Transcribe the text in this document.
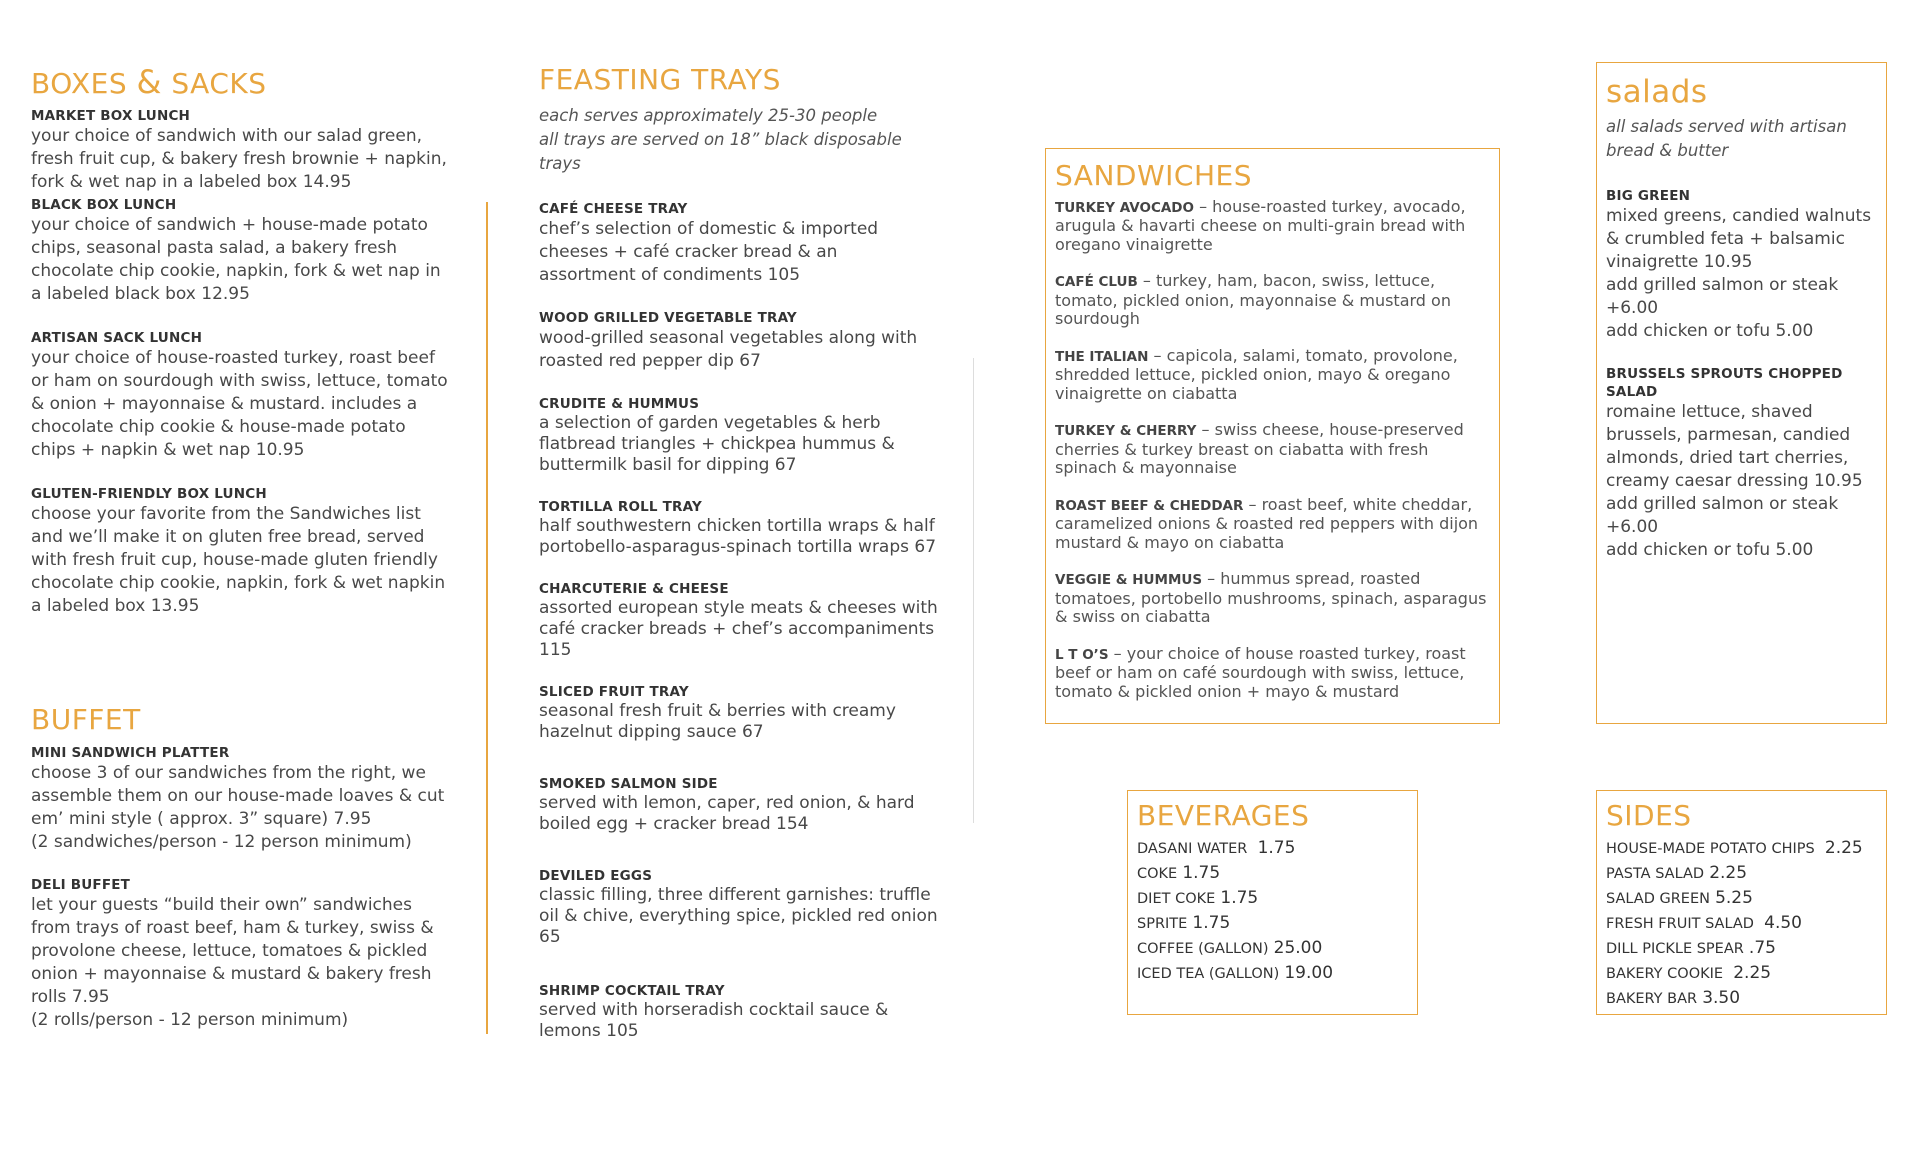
BOXES & SACKS

MARKET BOX LUNCH

your choice of sandwich with our salad green, fresh fruit cup, & bakery fresh brownie + napkin, fork & wet nap in a labeled box 14.95

BLACK BOX LUNCH

your choice of sandwich + house-made potato chips, seasonal pasta salad, a bakery fresh chocolate chip cookie, napkin, fork & wet nap in a labeled black box 12.95

ARTISAN SACK LUNCH

your choice of house-roasted turkey, roast beef or ham on sourdough with swiss, lettuce, tomato & onion + mayonnaise & mustard. includes a chocolate chip cookie & house-made potato chips + napkin & wet nap 10.95

GLUTEN-FRIENDLY BOX LUNCH

choose your favorite from the Sandwiches list and we’ll make it on gluten free bread, served with fresh fruit cup, house-made gluten friendly chocolate chip cookie, napkin, fork & wet napkin a labeled box 13.95

BUFFET

MINI SANDWICH PLATTER

choose 3 of our sandwiches from the right, we assemble them on our house-made loaves & cut em’ mini style ( approx. 3” square) 7.95

(2 sandwiches/person - 12 person minimum)

DELI BUFFET

let your guests “build their own” sandwiches from trays of roast beef, ham & turkey, swiss & provolone cheese, lettuce, tomatoes & pickled onion + mayonnaise & mustard & bakery fresh rolls 7.95

(2 rolls/person - 12 person minimum)

FEASTING TRAYS

each serves approximately 25-30 people

all trays are served on 18” black disposable trays

CAFÉ CHEESE TRAY

chef’s selection of domestic & imported cheeses + café cracker bread & an assortment of condiments 105

WOOD GRILLED VEGETABLE TRAY

wood-grilled seasonal vegetables along with roasted red pepper dip 67

CRUDITE & HUMMUS

a selection of garden vegetables & herb flatbread triangles + chickpea hummus & buttermilk basil for dipping 67

TORTILLA ROLL TRAY

half southwestern chicken tortilla wraps & half portobello-asparagus-spinach tortilla wraps 67

CHARCUTERIE & CHEESE

assorted european style meats & cheeses with café cracker breads + chef’s accompaniments 115

SLICED FRUIT TRAY

seasonal fresh fruit & berries with creamy hazelnut dipping sauce 67

SMOKED SALMON SIDE

served with lemon, caper, red onion, & hard boiled egg + cracker bread 154

DEVILED EGGS

classic filling, three different garnishes: truffle oil & chive, everything spice, pickled red onion 65

SHRIMP COCKTAIL TRAY

served with horseradish cocktail sauce & lemons 105

SANDWICHES

TURKEY AVOCADO – house-roasted turkey, avocado, arugula & havarti cheese on multi-grain bread with oregano vinaigrette

CAFÉ CLUB – turkey, ham, bacon, swiss, lettuce, tomato, pickled onion, mayonnaise & mustard on sourdough

THE ITALIAN – capicola, salami, tomato, provolone, shredded lettuce, pickled onion, mayo & oregano vinaigrette on ciabatta

TURKEY & CHERRY – swiss cheese, house-preserved cherries & turkey breast on ciabatta with fresh spinach & mayonnaise

ROAST BEEF & CHEDDAR – roast beef, white cheddar, caramelized onions & roasted red peppers with dijon mustard & mayo on ciabatta

VEGGIE & HUMMUS – hummus spread, roasted tomatoes, portobello mushrooms, spinach, asparagus & swiss on ciabatta

L T O’S – your choice of house roasted turkey, roast beef or ham on café sourdough with swiss, lettuce, tomato & pickled onion + mayo & mustard

salads

all salads served with artisan

bread & butter

BIG GREEN

mixed greens, candied walnuts & crumbled feta + balsamic vinaigrette 10.95

add grilled salmon or steak +6.00

add chicken or tofu 5.00

BRUSSELS SPROUTS CHOPPED SALAD

romaine lettuce, shaved brussels, parmesan, candied almonds, dried tart cherries, creamy caesar dressing 10.95

add grilled salmon or steak +6.00

add chicken or tofu 5.00

BEVERAGES

DASANI WATER 1.75

COKE 1.75

DIET COKE 1.75

SPRITE 1.75

COFFEE (GALLON) 25.00

ICED TEA (GALLON) 19.00

SIDES

HOUSE-MADE POTATO CHIPS 2.25

PASTA SALAD 2.25

SALAD GREEN 5.25

FRESH FRUIT SALAD 4.50

DILL PICKLE SPEAR .75

BAKERY COOKIE 2.25

BAKERY BAR 3.50
